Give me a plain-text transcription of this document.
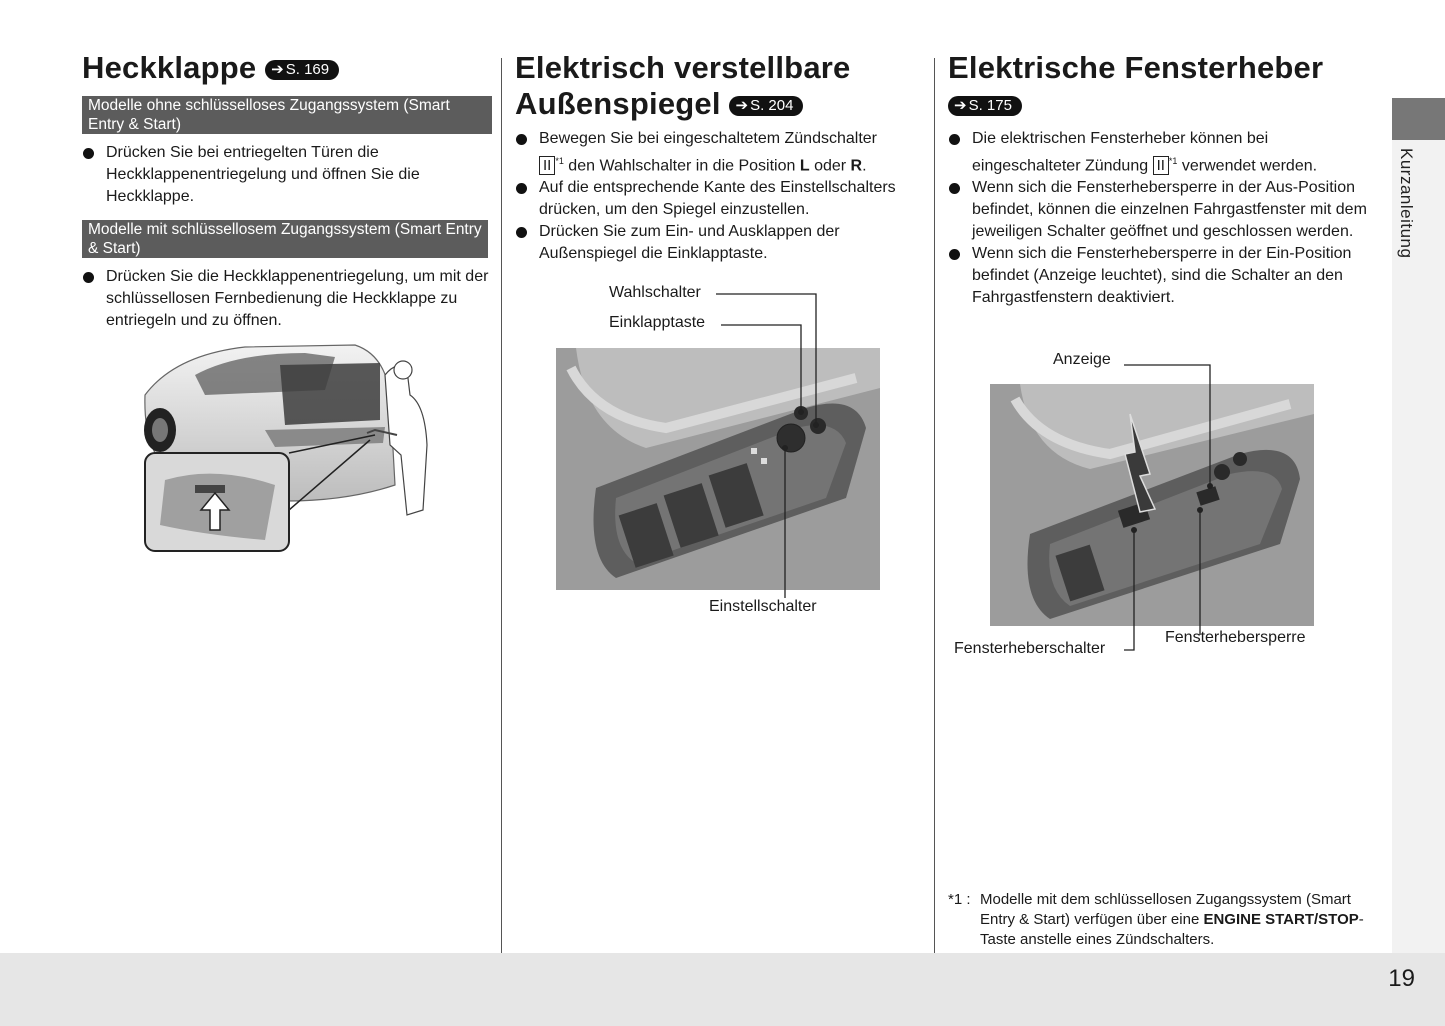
Kurzanleitung
19
Heckklappe ➔ S. 169
Modelle ohne schlüsselloses Zugangssystem (Smart Entry & Start)
Drücken Sie bei entriegelten Türen die Heckklappenentriegelung und öffnen Sie die Heckklappe.
Modelle mit schlüssellosem Zugangssystem (Smart Entry & Start)
Drücken Sie die Heckklappenentriegelung, um mit der schlüssellosen Fernbedienung die Heckklappe zu entriegeln und zu öffnen.
Elektrisch verstellbare
Außenspiegel ➔ S. 204
Bewegen Sie bei eingeschaltetem Zündschalter
II $^{*1}$ den Wahlschalter in die Position L oder R.
Auf die entsprechende Kante des Einstellschalters drücken, um den Spiegel einzustellen.
Drücken Sie zum Ein- und Ausklappen der Außenspiegel die Einklapptaste.
Wahlschalter
Einklapptaste
Einstellschalter
Elektrische Fensterheber
➔ S. 175
Die elektrischen Fensterheber können bei eingeschalteter Zündung II $^{*1}$ verwendet werden.
Wenn sich die Fensterhebersperre in der Aus-Position befindet, können die einzelnen Fahrgastfenster mit dem jeweiligen Schalter geöffnet und geschlossen werden.
Wenn sich die Fensterhebersperre in der Ein-Position befindet (Anzeige leuchtet), sind die Schalter an den Fahrgastfenstern deaktiviert.
Anzeige
Fensterheberschalter
Fensterhebersperre
*1 : Modelle mit dem schlüssellosen Zugangssystem (Smart Entry & Start) verfügen über eine ENGINE START/STOP-Taste anstelle eines Zündschalters.
